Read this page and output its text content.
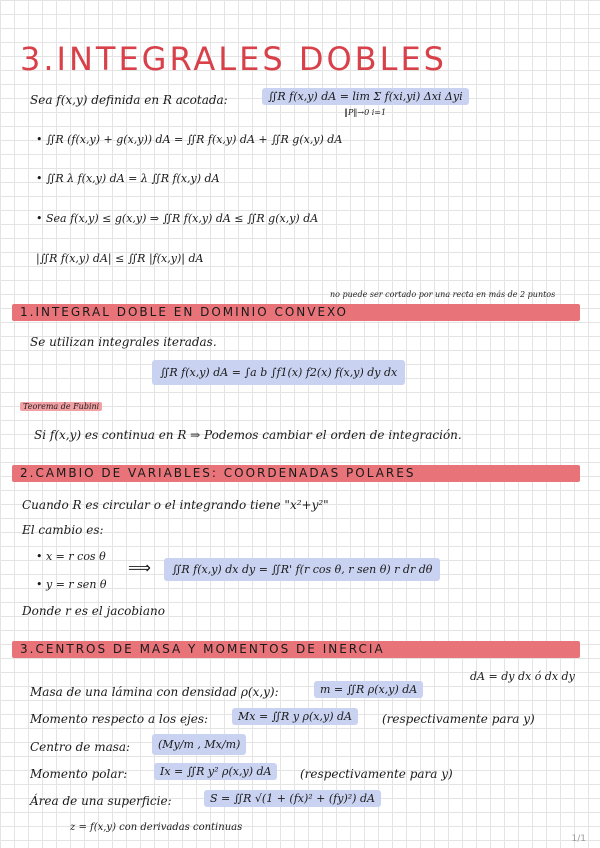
3.INTEGRALES DOBLES
Sea f(x,y) definida en R acotada:	∬R f(x,y) dA = lim Σ f(xi,yi) Δxi Δyi
‖P‖→0 i=1
• ∬R (f(x,y) + g(x,y)) dA = ∬R f(x,y) dA + ∬R g(x,y) dA
• ∬R λ f(x,y) dA = λ ∬R f(x,y) dA
• Sea f(x,y) ≤ g(x,y) ⇒ ∬R f(x,y) dA ≤ ∬R g(x,y) dA
|∬R f(x,y) dA| ≤ ∬R |f(x,y)| dA
1.INTEGRAL DOBLE EN DOMINIO CONVEXO
no puede ser cortado por una recta en más de 2 puntos
Se utilizan integrales iteradas.
∬R f(x,y) dA = ∫a b ∫f1(x) f2(x) f(x,y) dy dx
Teorema de Fubini
Si f(x,y) es continua en R ⇒ Podemos cambiar el orden de integración.
2.CAMBIO DE VARIABLES: COORDENADAS POLARES
Cuando R es circular o el integrando tiene "x²+y²"
El cambio es:
• x = r cos θ
• y = r sen θ
⟹	∬R f(x,y) dx dy = ∬R' f(r cos θ, r sen θ) r dr dθ
Donde r es el jacobiano
3.CENTROS DE MASA Y MOMENTOS DE INERCIA
dA = dy dx ó dx dy
Masa de una lámina con densidad ρ(x,y):	m = ∬R ρ(x,y) dA
Momento respecto a los ejes:	Mx = ∬R y ρ(x,y) dA	(respectivamente para y)
Centro de masa:	(My/m , Mx/m)
Momento polar:	Ix = ∬R y² ρ(x,y) dA	(respectivamente para y)
Área de una superficie:	S = ∬R √(1 + (fx)² + (fy)²) dA
z = f(x,y) con derivadas continuas
1/1
